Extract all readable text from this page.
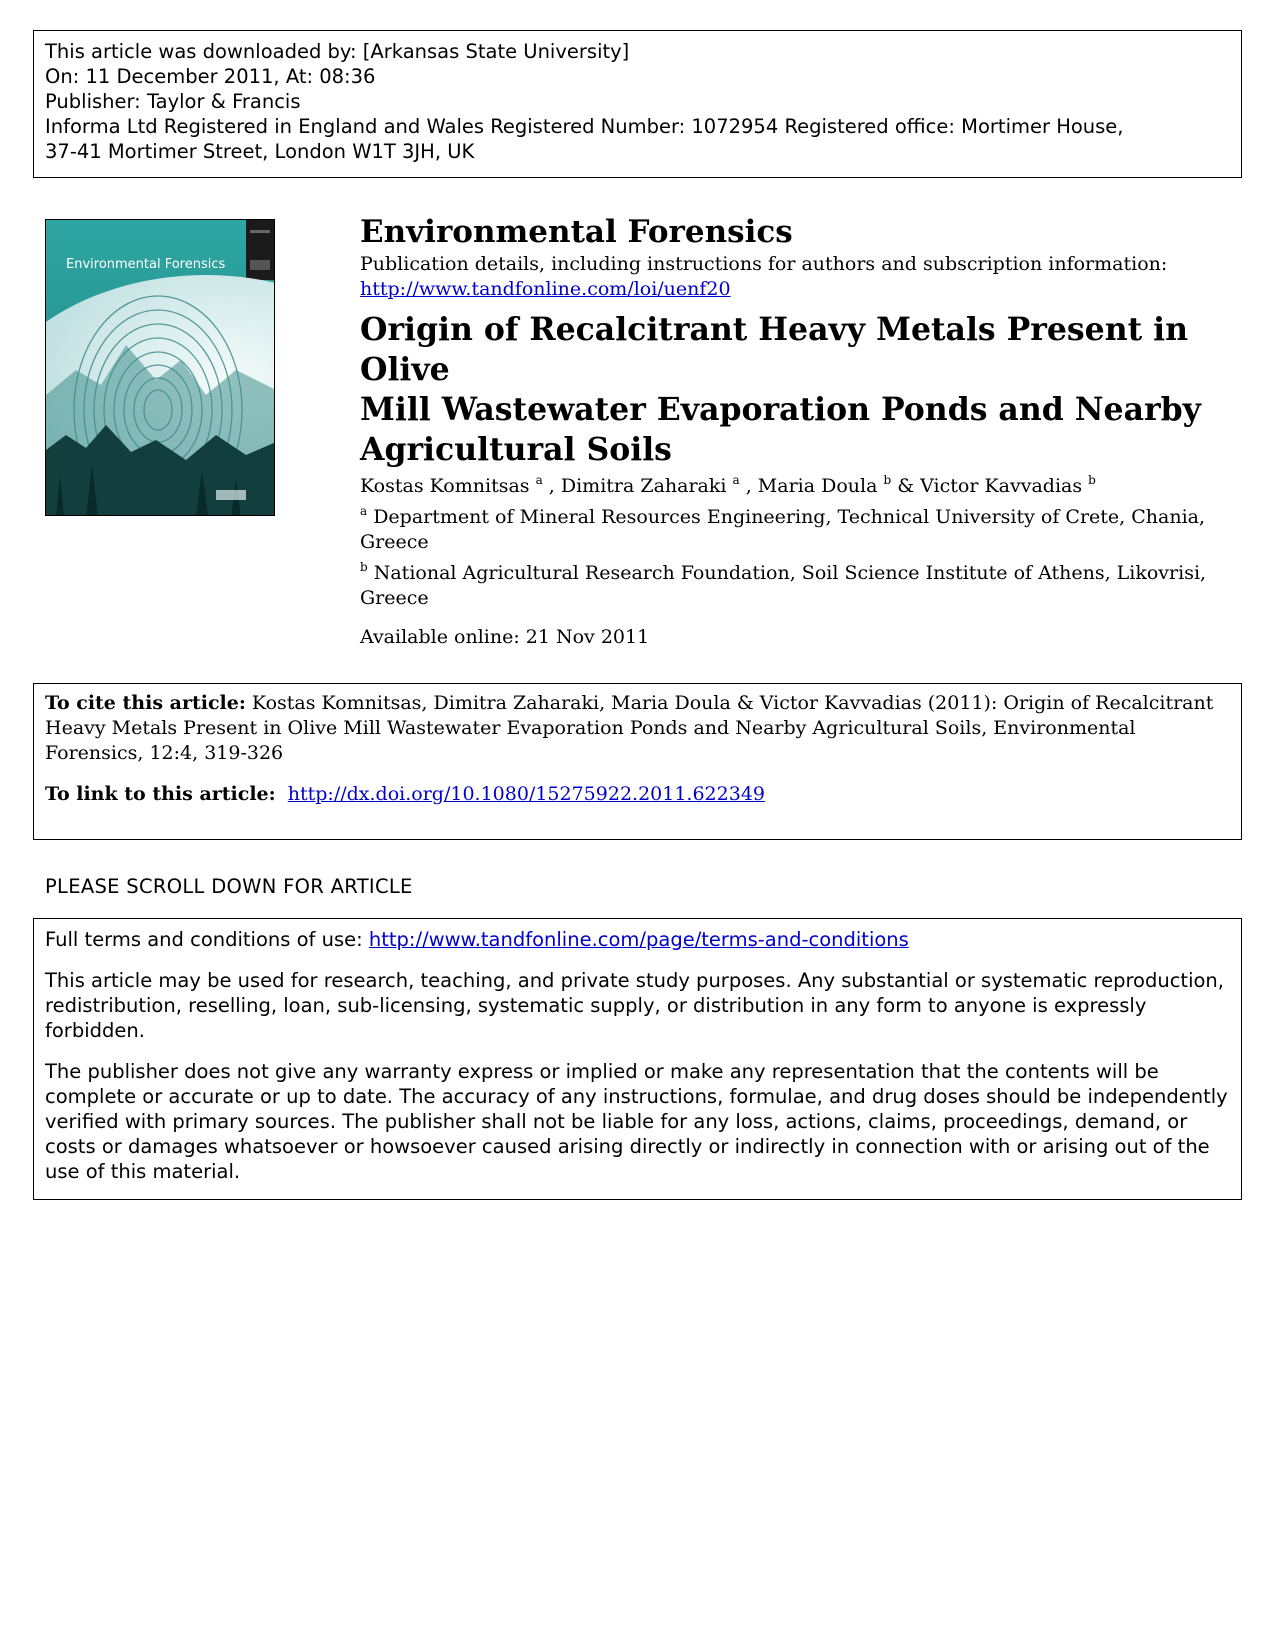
This article was downloaded by: [Arkansas State University]
On: 11 December 2011, At: 08:36
Publisher: Taylor & Francis
Informa Ltd Registered in England and Wales Registered Number: 1072954 Registered office: Mortimer House,
37-41 Mortimer Street, London W1T 3JH, UK
Environmental Forensics
Environmental Forensics
Publication details, including instructions for authors and subscription information:
http://www.tandfonline.com/loi/uenf20
Origin of Recalcitrant Heavy Metals Present in Olive
Mill Wastewater Evaporation Ponds and Nearby
Agricultural Soils
Kostas Komnitsas $^a$ , Dimitra Zaharaki $^a$ , Maria Doula $^b$ & Victor Kavvadias $^b$
$^a$ Department of Mineral Resources Engineering, Technical University of Crete, Chania, Greece
$^b$ National Agricultural Research Foundation, Soil Science Institute of Athens, Likovrisi, Greece
Available online: 21 Nov 2011
To cite this article: Kostas Komnitsas, Dimitra Zaharaki, Maria Doula & Victor Kavvadias (2011): Origin of Recalcitrant Heavy Metals Present in Olive Mill Wastewater Evaporation Ponds and Nearby Agricultural Soils, Environmental Forensics, 12:4, 319-326
To link to this article: http://dx.doi.org/10.1080/15275922.2011.622349
PLEASE SCROLL DOWN FOR ARTICLE

Full terms and conditions of use: http://www.tandfonline.com/page/terms-and-conditions

This article may be used for research, teaching, and private study purposes. Any substantial or systematic reproduction, redistribution, reselling, loan, sub-licensing, systematic supply, or distribution in any form to anyone is expressly forbidden.

The publisher does not give any warranty express or implied or make any representation that the contents will be complete or accurate or up to date. The accuracy of any instructions, formulae, and drug doses should be independently verified with primary sources. The publisher shall not be liable for any loss, actions, claims, proceedings, demand, or costs or damages whatsoever or howsoever caused arising directly or indirectly in connection with or arising out of the use of this material.
